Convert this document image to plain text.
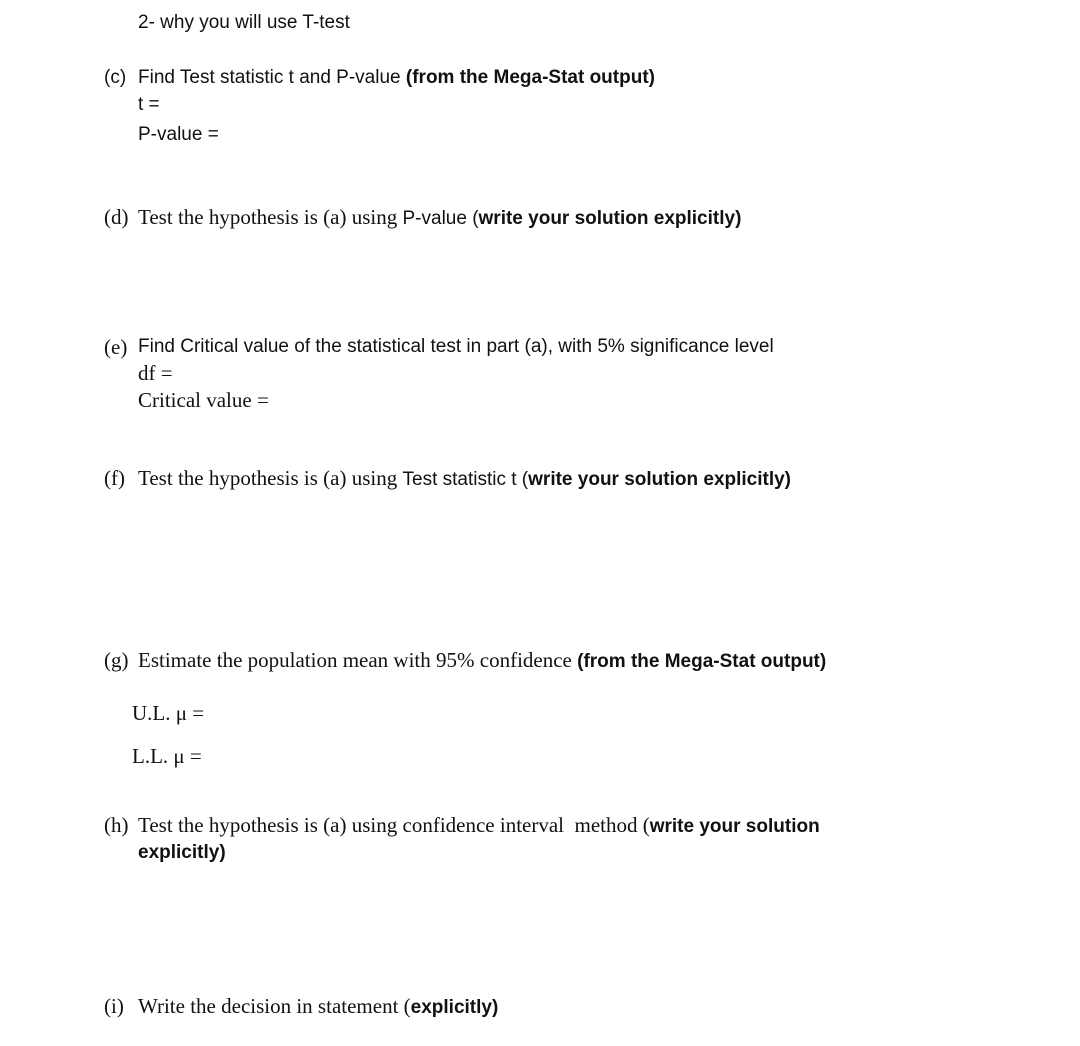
2- why you will use T-test
(c) Find Test statistic t and P-value (from the Mega-Stat output)
t =
P-value =
(d) Test the hypothesis is (a) using P-value (write your solution explicitly)
(e) Find Critical value of the statistical test in part (a), with 5% significance level
df =
Critical value =
(f) Test the hypothesis is (a) using Test statistic t (write your solution explicitly)
(g) Estimate the population mean with 95% confidence (from the Mega-Stat output)
U.L. μ =
L.L. μ =
(h) Test the hypothesis is (a) using confidence interval  method (write your solution
explicitly)
(i) Write the decision in statement (explicitly)
